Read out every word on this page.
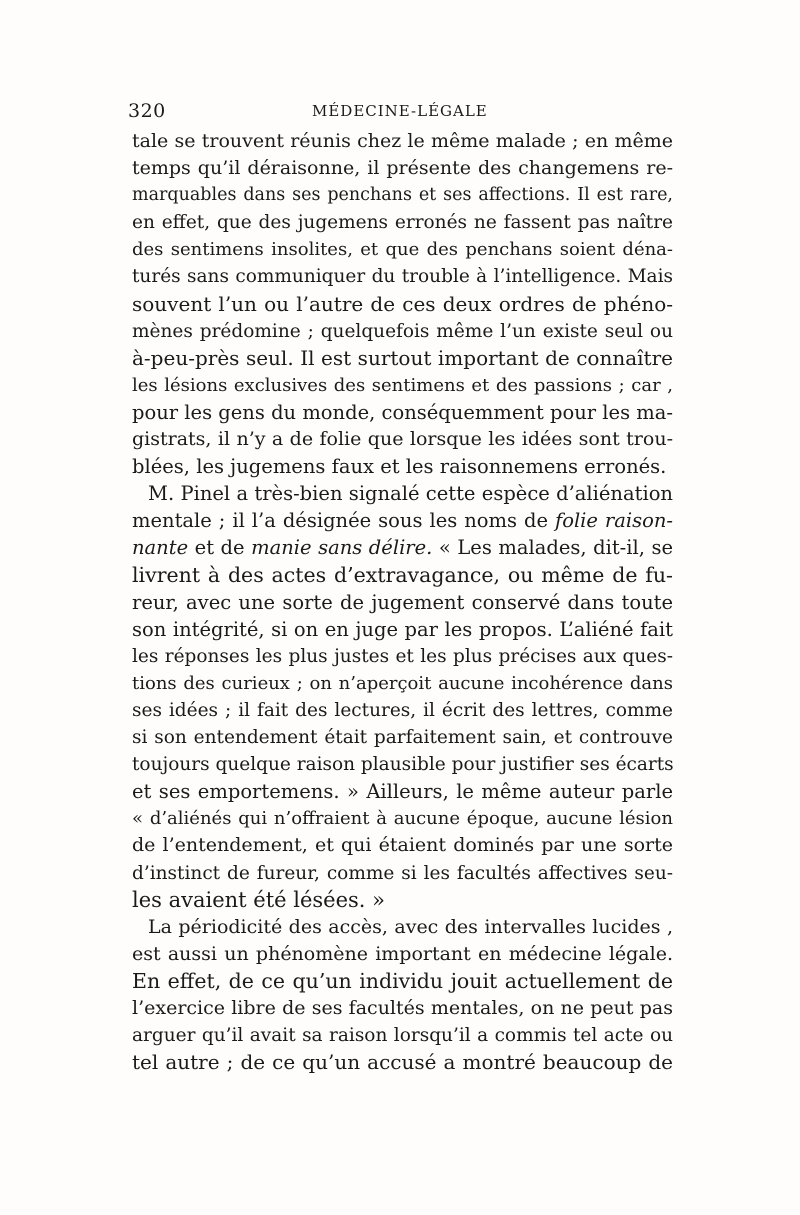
320	MÉDECINE-LÉGALE
tale se trouvent réunis chez le même malade ; en même
temps qu’il déraisonne, il présente des changemens re-
marquables dans ses penchans et ses affections. Il est rare,
en effet, que des jugemens erronés ne fassent pas naître
des sentimens insolites, et que des penchans soient déna-
turés sans communiquer du trouble à l’intelligence. Mais
souvent l’un ou l’autre de ces deux ordres de phéno-
mènes prédomine ; quelquefois même l’un existe seul ou
à-peu-près seul. Il est surtout important de connaître
les lésions exclusives des sentimens et des passions ; car ,
pour les gens du monde, conséquemment pour les ma-
gistrats, il n’y a de folie que lorsque les idées sont trou-
blées, les jugemens faux et les raisonnemens erronés.
M. Pinel a très-bien signalé cette espèce d’aliénation
mentale ; il l’a désignée sous les noms de folie raison-
nante et de manie sans délire. « Les malades, dit-il, se
livrent à des actes d’extravagance, ou même de fu-
reur, avec une sorte de jugement conservé dans toute
son intégrité, si on en juge par les propos. L’aliéné fait
les réponses les plus justes et les plus précises aux ques-
tions des curieux ; on n’aperçoit aucune incohérence dans
ses idées ; il fait des lectures, il écrit des lettres, comme
si son entendement était parfaitement sain, et controuve
toujours quelque raison plausible pour justifier ses écarts
et ses emportemens. » Ailleurs, le même auteur parle
« d’aliénés qui n’offraient à aucune époque, aucune lésion
de l’entendement, et qui étaient dominés par une sorte
d’instinct de fureur, comme si les facultés affectives seu-
les avaient été lésées. »
La périodicité des accès, avec des intervalles lucides ,
est aussi un phénomène important en médecine légale.
En effet, de ce qu’un individu jouit actuellement de
l’exercice libre de ses facultés mentales, on ne peut pas
arguer qu’il avait sa raison lorsqu’il a commis tel acte ou
tel autre ; de ce qu’un accusé a montré beaucoup de
